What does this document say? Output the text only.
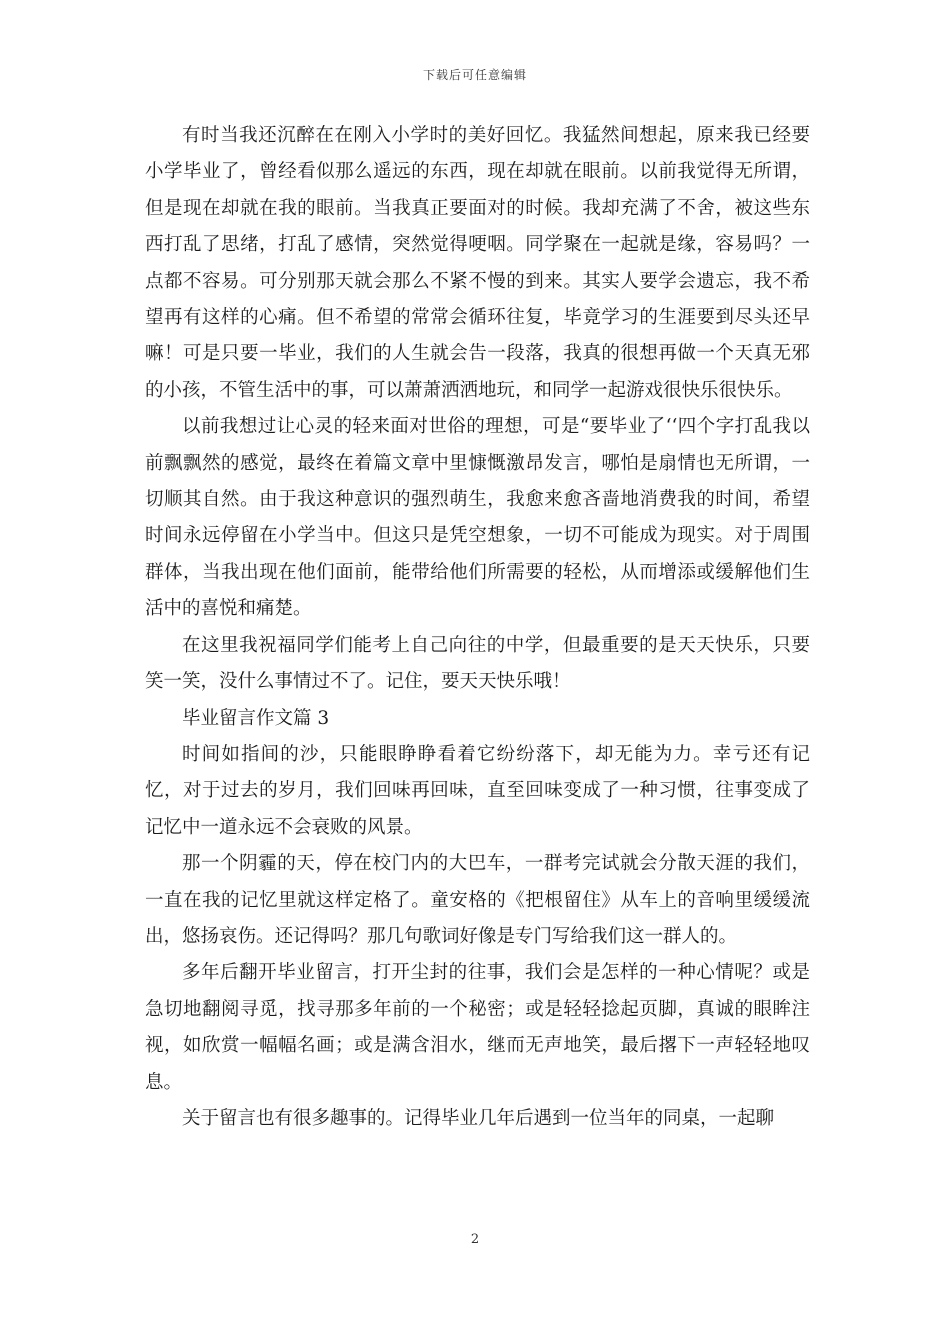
下载后可任意编辑

有时当我还沉醉在在刚入小学时的美好回忆。我猛然间想起，原来我已经要小学毕业了，曾经看似那么遥远的东西，现在却就在眼前。以前我觉得无所谓，但是现在却就在我的眼前。当我真正要面对的时候。我却充满了不舍，被这些东西打乱了思绪，打乱了感情，突然觉得哽咽。同学聚在一起就是缘，容易吗？一点都不容易。可分别那天就会那么不紧不慢的到来。其实人要学会遗忘，我不希望再有这样的心痛。但不希望的常常会循环往复，毕竟学习的生涯要到尽头还早嘛！可是只要一毕业，我们的人生就会告一段落，我真的很想再做一个天真无邪的小孩，不管生活中的事，可以萧萧洒洒地玩，和同学一起游戏很快乐很快乐。

以前我想过让心灵的轻来面对世俗的理想，可是“要毕业了‘‘四个字打乱我以前飘飘然的感觉，最终在着篇文章中里慷慨激昂发言，哪怕是扇情也无所谓，一切顺其自然。由于我这种意识的强烈萌生，我愈来愈吝啬地消费我的时间，希望时间永远停留在小学当中。但这只是凭空想象，一切不可能成为现实。对于周围群体，当我出现在他们面前，能带给他们所需要的轻松，从而增添或缓解他们生活中的喜悦和痛楚。

在这里我祝福同学们能考上自己向往的中学，但最重要的是天天快乐，只要笑一笑，没什么事情过不了。记住，要天天快乐哦！

毕业留言作文篇 3

时间如指间的沙，只能眼睁睁看着它纷纷落下，却无能为力。幸亏还有记忆，对于过去的岁月，我们回味再回味，直至回味变成了一种习惯，往事变成了记忆中一道永远不会衰败的风景。

那一个阴霾的天，停在校门内的大巴车，一群考完试就会分散天涯的我们，一直在我的记忆里就这样定格了。童安格的《把根留住》从车上的音响里缓缓流出，悠扬哀伤。还记得吗？那几句歌词好像是专门写给我们这一群人的。

多年后翻开毕业留言，打开尘封的往事，我们会是怎样的一种心情呢？或是急切地翻阅寻觅，找寻那多年前的一个秘密；或是轻轻捻起页脚，真诚的眼眸注视，如欣赏一幅幅名画；或是满含泪水，继而无声地笑，最后撂下一声轻轻地叹息。

关于留言也有很多趣事的。记得毕业几年后遇到一位当年的同桌，一起聊

2
